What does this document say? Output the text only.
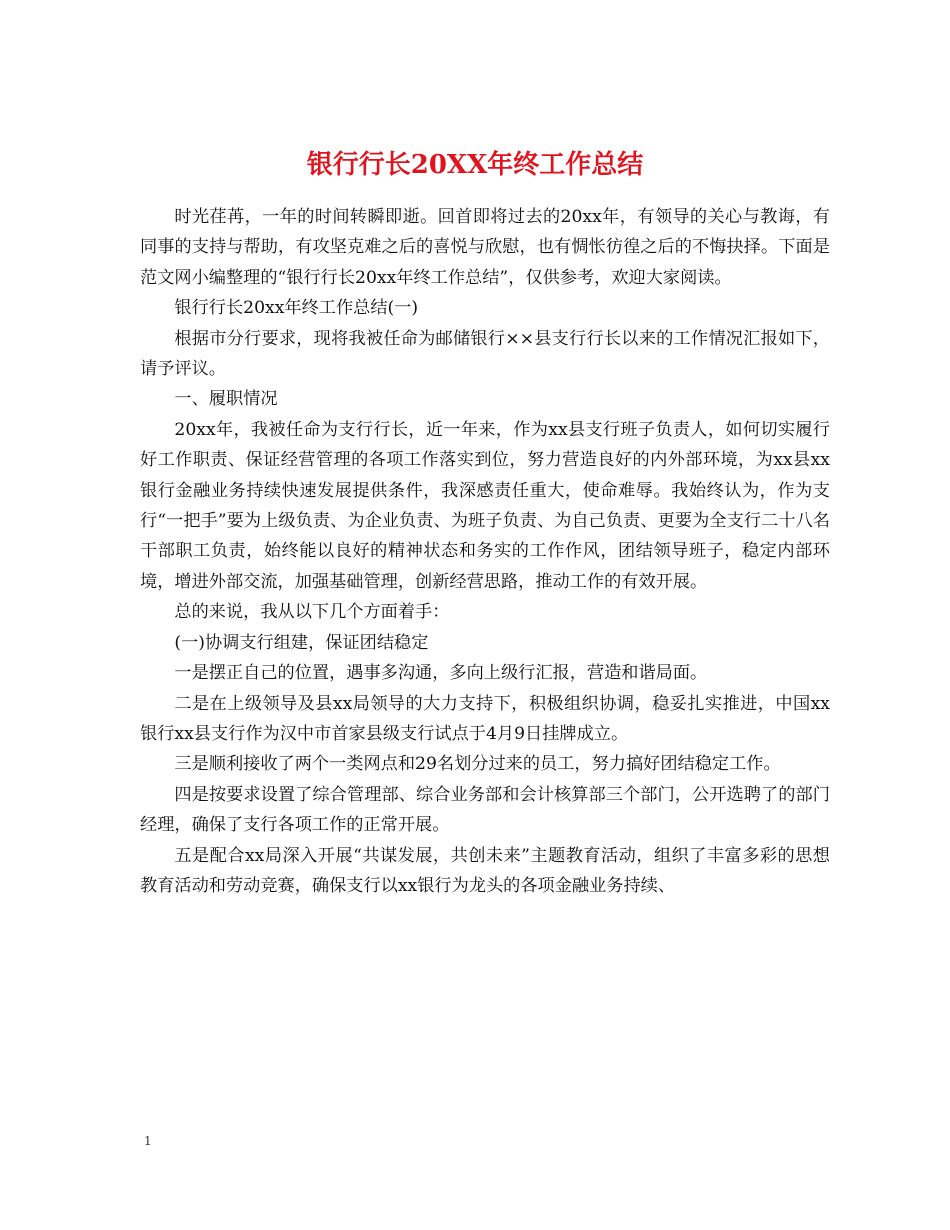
银行行长20XX年终工作总结

时光荏苒，一年的时间转瞬即逝。回首即将过去的20xx年，有领导的关心与教诲，有同事的支持与帮助，有攻坚克难之后的喜悦与欣慰，也有惆怅彷徨之后的不悔抉择。下面是范文网小编整理的“银行行长20xx年终工作总结”，仅供参考，欢迎大家阅读。

银行行长20xx年终工作总结(一)

根据市分行要求，现将我被任命为邮储银行××县支行行长以来的工作情况汇报如下，请予评议。

一、履职情况

20xx年，我被任命为支行行长，近一年来，作为xx县支行班子负责人，如何切实履行好工作职责、保证经营管理的各项工作落实到位，努力营造良好的内外部环境，为xx县xx银行金融业务持续快速发展提供条件，我深感责任重大，使命难辱。我始终认为，作为支行“一把手”要为上级负责、为企业负责、为班子负责、为自己负责、更要为全支行二十八名干部职工负责，始终能以良好的精神状态和务实的工作作风，团结领导班子，稳定内部环境，增进外部交流，加强基础管理，创新经营思路，推动工作的有效开展。

总的来说，我从以下几个方面着手：

(一)协调支行组建，保证团结稳定

一是摆正自己的位置，遇事多沟通，多向上级行汇报，营造和谐局面。

二是在上级领导及县xx局领导的大力支持下，积极组织协调，稳妥扎实推进，中国xx银行xx县支行作为汉中市首家县级支行试点于4月9日挂牌成立。

三是顺利接收了两个一类网点和29名划分过来的员工，努力搞好团结稳定工作。

四是按要求设置了综合管理部、综合业务部和会计核算部三个部门，公开选聘了的部门经理，确保了支行各项工作的正常开展。

五是配合xx局深入开展“共谋发展，共创未来”主题教育活动，组织了丰富多彩的思想教育活动和劳动竞赛，确保支行以xx银行为龙头的各项金融业务持续、

1
